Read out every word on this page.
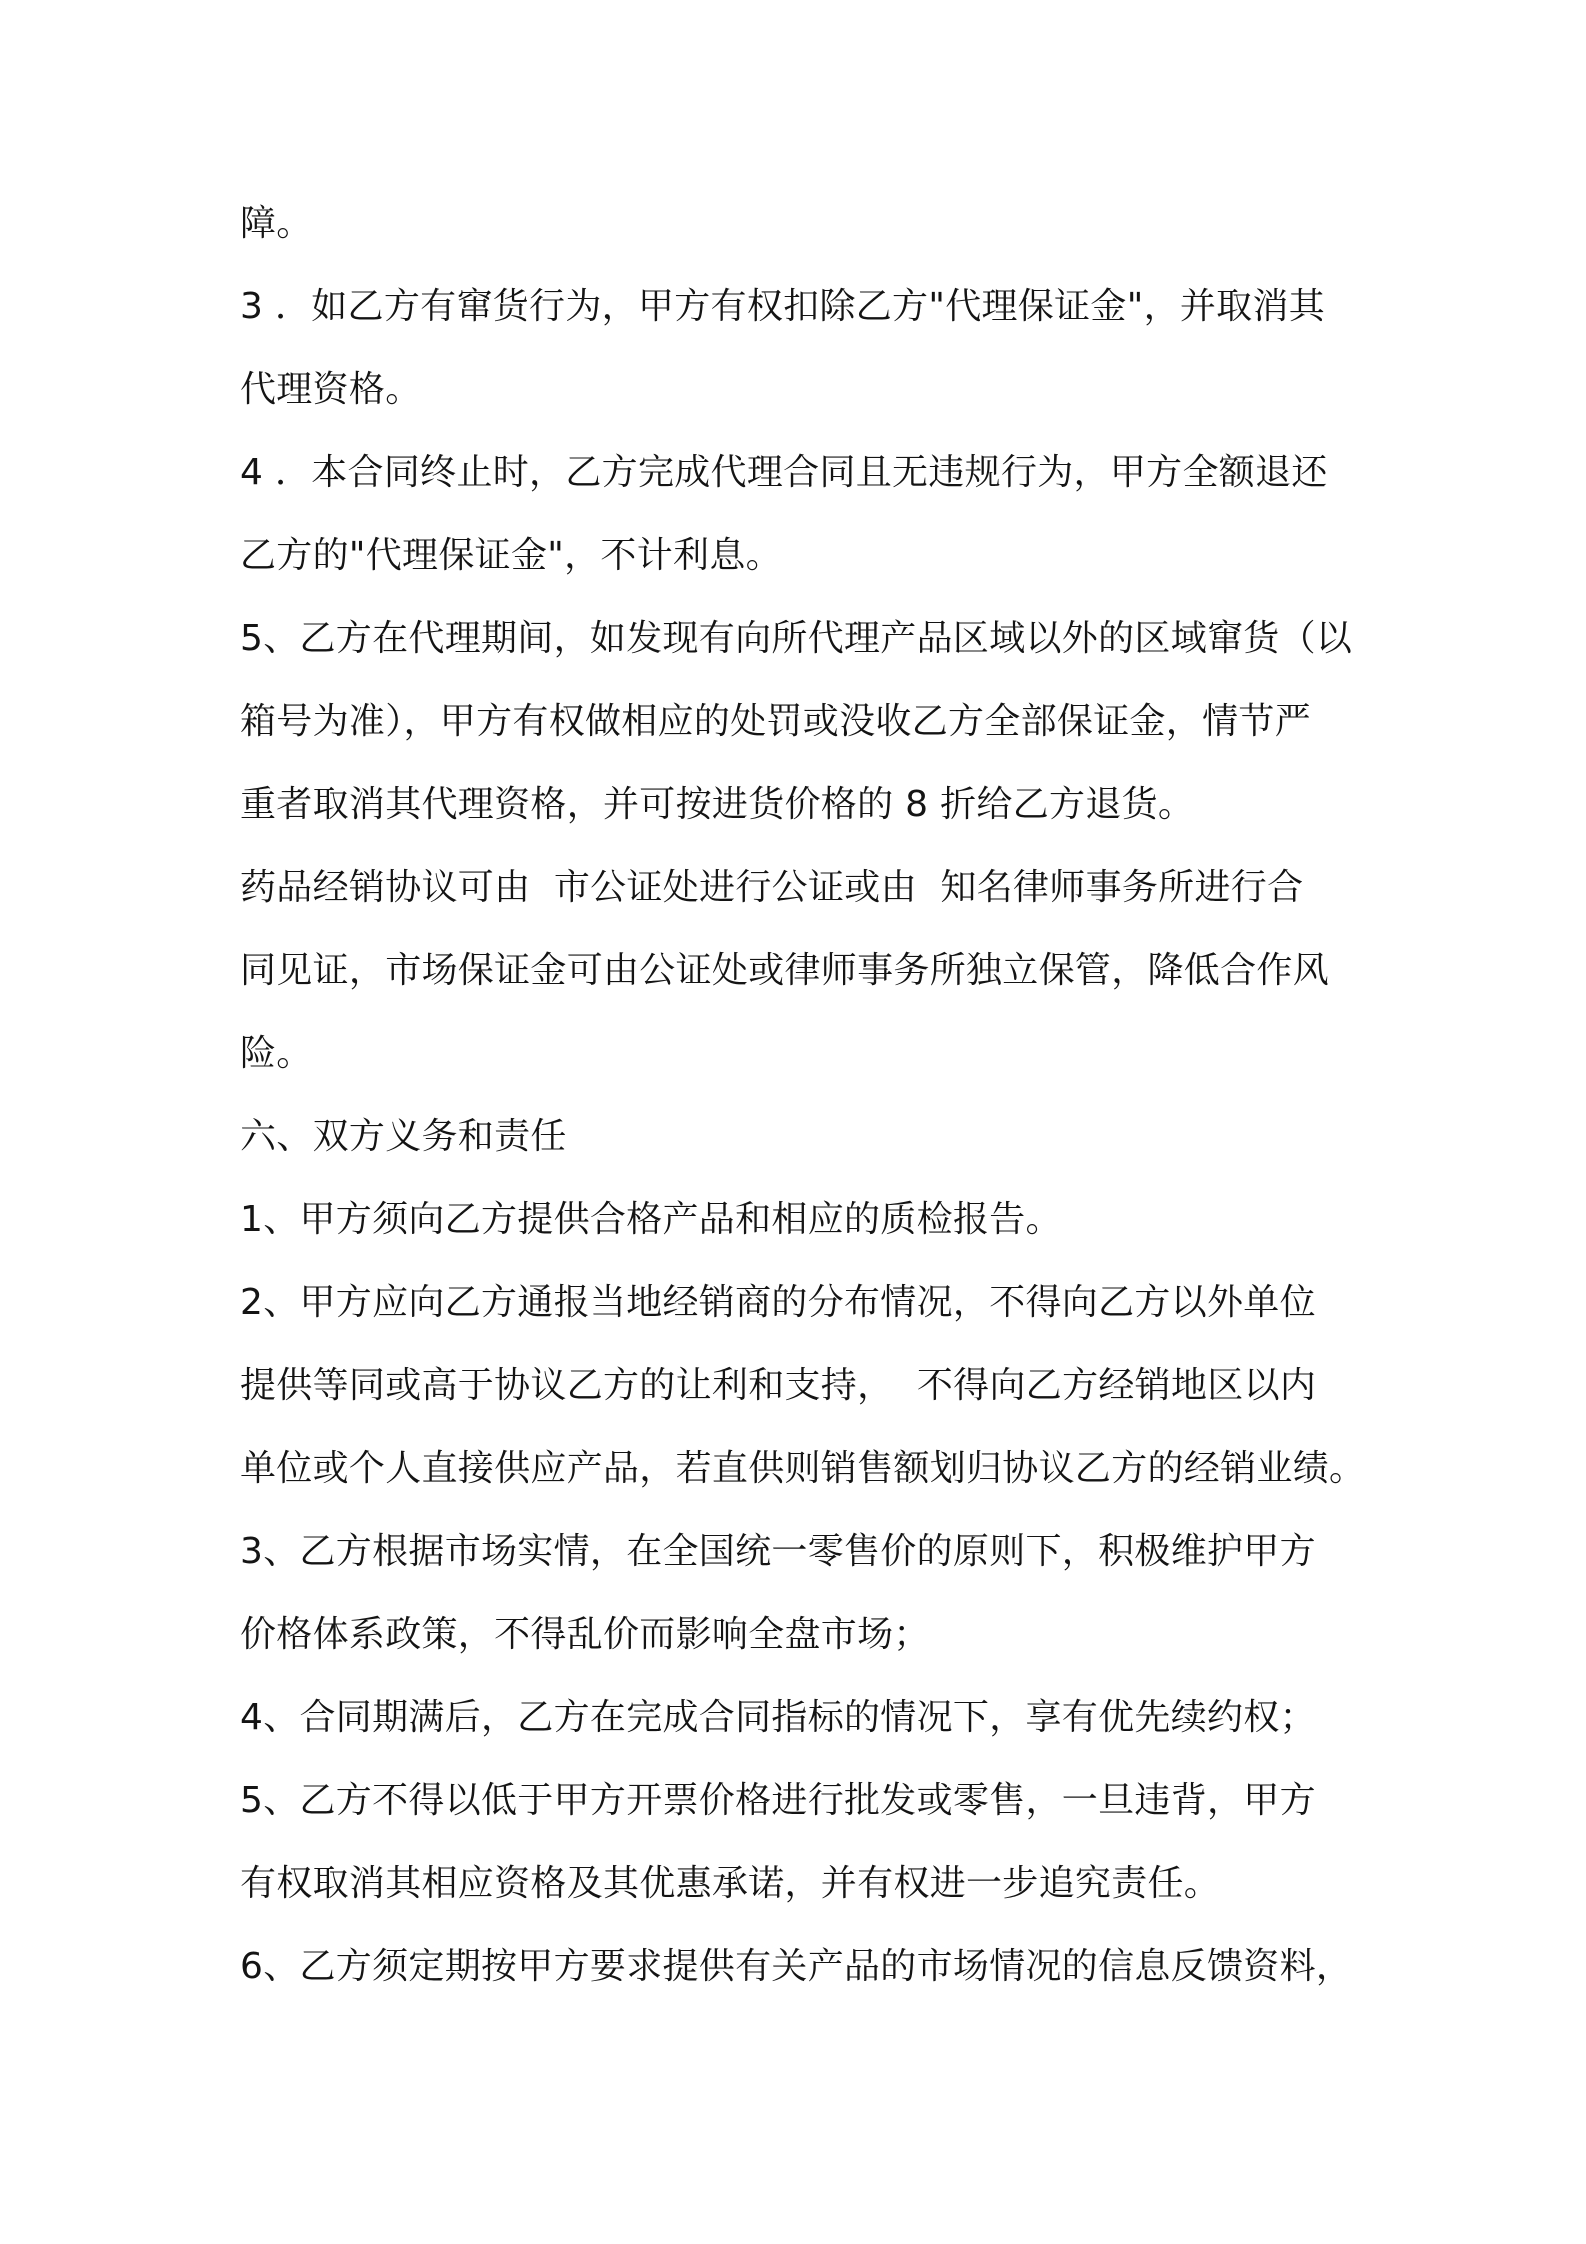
障。

3 ．如乙方有窜货行为，甲方有权扣除乙方"代理保证金"，并取消其

代理资格。

4 ．本合同终止时，乙方完成代理合同且无违规行为，甲方全额退还

乙方的"代理保证金"，不计利息。

5、乙方在代理期间，如发现有向所代理产品区域以外的区域窜货（以

箱号为准），甲方有权做相应的处罚或没收乙方全部保证金，情节严

重者取消其代理资格，并可按进货价格的 8 折给乙方退货。

药品经销协议可由  市公证处进行公证或由  知名律师事务所进行合

同见证，市场保证金可由公证处或律师事务所独立保管，降低合作风

险。

六、双方义务和责任

1、甲方须向乙方提供合格产品和相应的质检报告。

2、甲方应向乙方通报当地经销商的分布情况，不得向乙方以外单位

提供等同或高于协议乙方的让利和支持，  不得向乙方经销地区以内

单位或个人直接供应产品，若直供则销售额划归协议乙方的经销业绩。

3、乙方根据市场实情，在全国统一零售价的原则下，积极维护甲方

价格体系政策，不得乱价而影响全盘市场；

4、合同期满后，乙方在完成合同指标的情况下，享有优先续约权；

5、乙方不得以低于甲方开票价格进行批发或零售，一旦违背，甲方

有权取消其相应资格及其优惠承诺，并有权进一步追究责任。

6、乙方须定期按甲方要求提供有关产品的市场情况的信息反馈资料，
